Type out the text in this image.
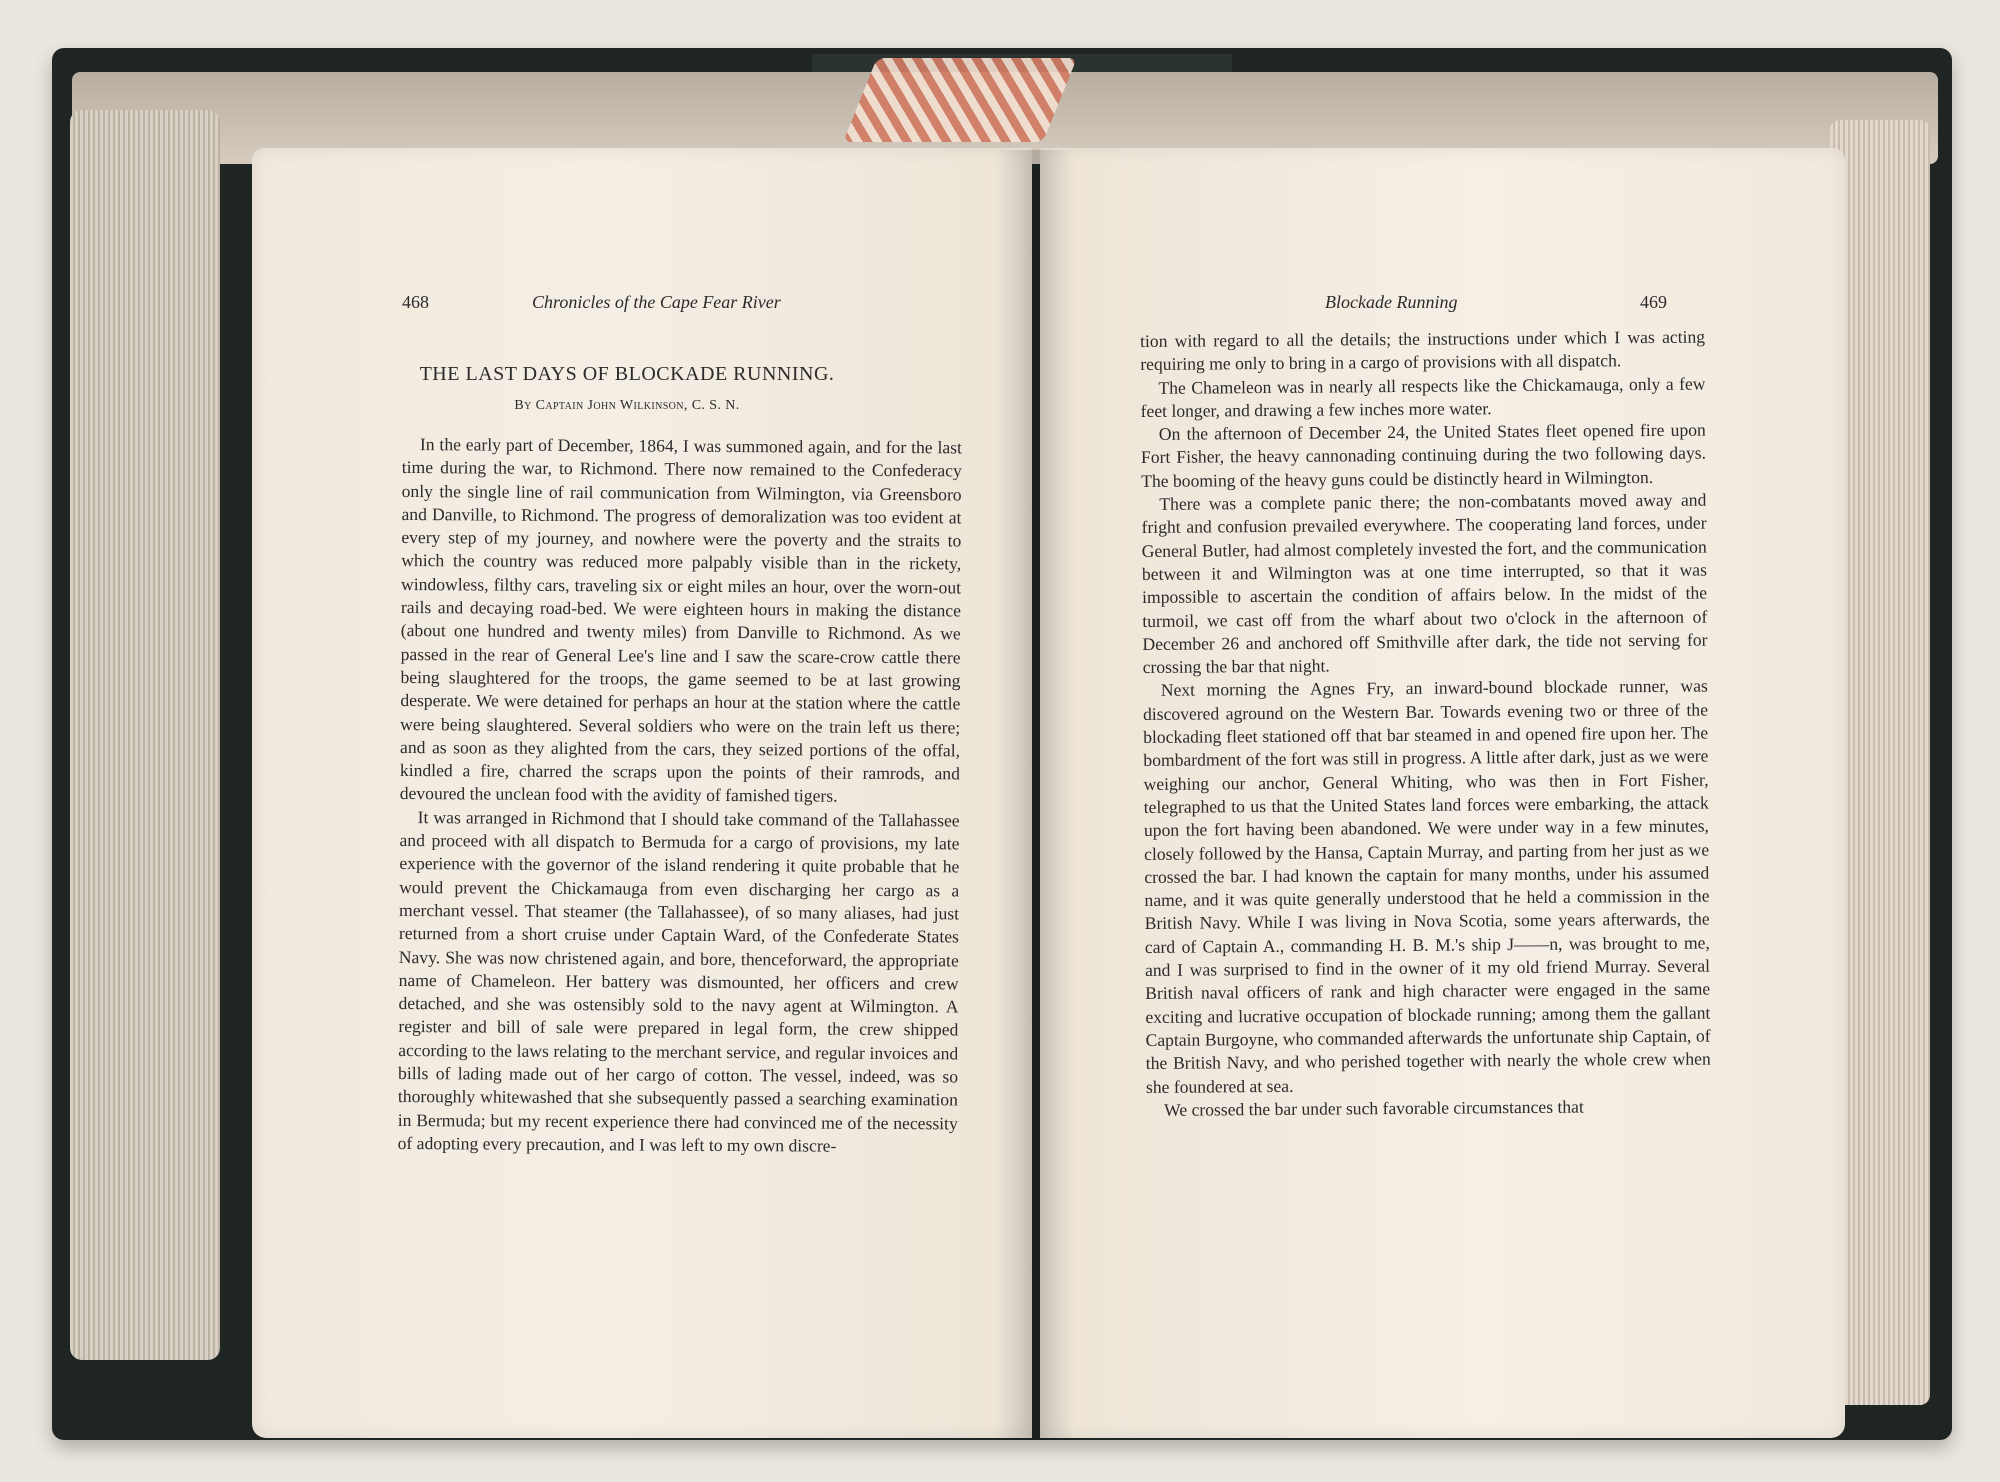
468	Chronicles of the Cape Fear River
THE LAST DAYS OF BLOCKADE RUNNING.
By Captain John Wilkinson, C. S. N.

In the early part of December, 1864, I was summoned again, and for the last time during the war, to Richmond. There now remained to the Confederacy only the single line of rail communication from Wilmington, via Greensboro and Danville, to Richmond. The progress of demoralization was too evident at every step of my journey, and nowhere were the poverty and the straits to which the country was reduced more palpably visible than in the rickety, windowless, filthy cars, traveling six or eight miles an hour, over the worn-out rails and decaying road-bed. We were eighteen hours in making the distance (about one hundred and twenty miles) from Danville to Richmond. As we passed in the rear of General Lee's line and I saw the scare-crow cattle there being slaughtered for the troops, the game seemed to be at last growing desperate. We were detained for perhaps an hour at the station where the cattle were being slaughtered. Several soldiers who were on the train left us there; and as soon as they alighted from the cars, they seized portions of the offal, kindled a fire, charred the scraps upon the points of their ramrods, and devoured the unclean food with the avidity of famished tigers.

It was arranged in Richmond that I should take command of the Tallahassee and proceed with all dispatch to Bermuda for a cargo of provisions, my late experience with the governor of the island rendering it quite probable that he would prevent the Chickamauga from even discharging her cargo as a merchant vessel. That steamer (the Tallahassee), of so many aliases, had just returned from a short cruise under Captain Ward, of the Confederate States Navy. She was now christened again, and bore, thenceforward, the appropriate name of Chameleon. Her battery was dismounted, her officers and crew detached, and she was ostensibly sold to the navy agent at Wilmington. A register and bill of sale were prepared in legal form, the crew shipped according to the laws relating to the merchant service, and regular invoices and bills of lading made out of her cargo of cotton. The vessel, indeed, was so thoroughly whitewashed that she subsequently passed a searching examination in Bermuda; but my recent experience there had convinced me of the necessity of adopting every precaution, and I was left to my own discre-

Blockade Running	469

tion with regard to all the details; the instructions under which I was acting requiring me only to bring in a cargo of provisions with all dispatch.

The Chameleon was in nearly all respects like the Chickamauga, only a few feet longer, and drawing a few inches more water.

On the afternoon of December 24, the United States fleet opened fire upon Fort Fisher, the heavy cannonading continuing during the two following days. The booming of the heavy guns could be distinctly heard in Wilmington.

There was a complete panic there; the non-combatants moved away and fright and confusion prevailed everywhere. The cooperating land forces, under General Butler, had almost completely invested the fort, and the communication between it and Wilmington was at one time interrupted, so that it was impossible to ascertain the condition of affairs below. In the midst of the turmoil, we cast off from the wharf about two o'clock in the afternoon of December 26 and anchored off Smithville after dark, the tide not serving for crossing the bar that night.

Next morning the Agnes Fry, an inward-bound blockade runner, was discovered aground on the Western Bar. Towards evening two or three of the blockading fleet stationed off that bar steamed in and opened fire upon her. The bombardment of the fort was still in progress. A little after dark, just as we were weighing our anchor, General Whiting, who was then in Fort Fisher, telegraphed to us that the United States land forces were embarking, the attack upon the fort having been abandoned. We were under way in a few minutes, closely followed by the Hansa, Captain Murray, and parting from her just as we crossed the bar. I had known the captain for many months, under his assumed name, and it was quite generally understood that he held a commission in the British Navy. While I was living in Nova Scotia, some years afterwards, the card of Captain A., commanding H. B. M.'s ship J——n, was brought to me, and I was surprised to find in the owner of it my old friend Murray. Several British naval officers of rank and high character were engaged in the same exciting and lucrative occupation of blockade running; among them the gallant Captain Burgoyne, who commanded afterwards the unfortunate ship Captain, of the British Navy, and who perished together with nearly the whole crew when she foundered at sea.

We crossed the bar under such favorable circumstances that
